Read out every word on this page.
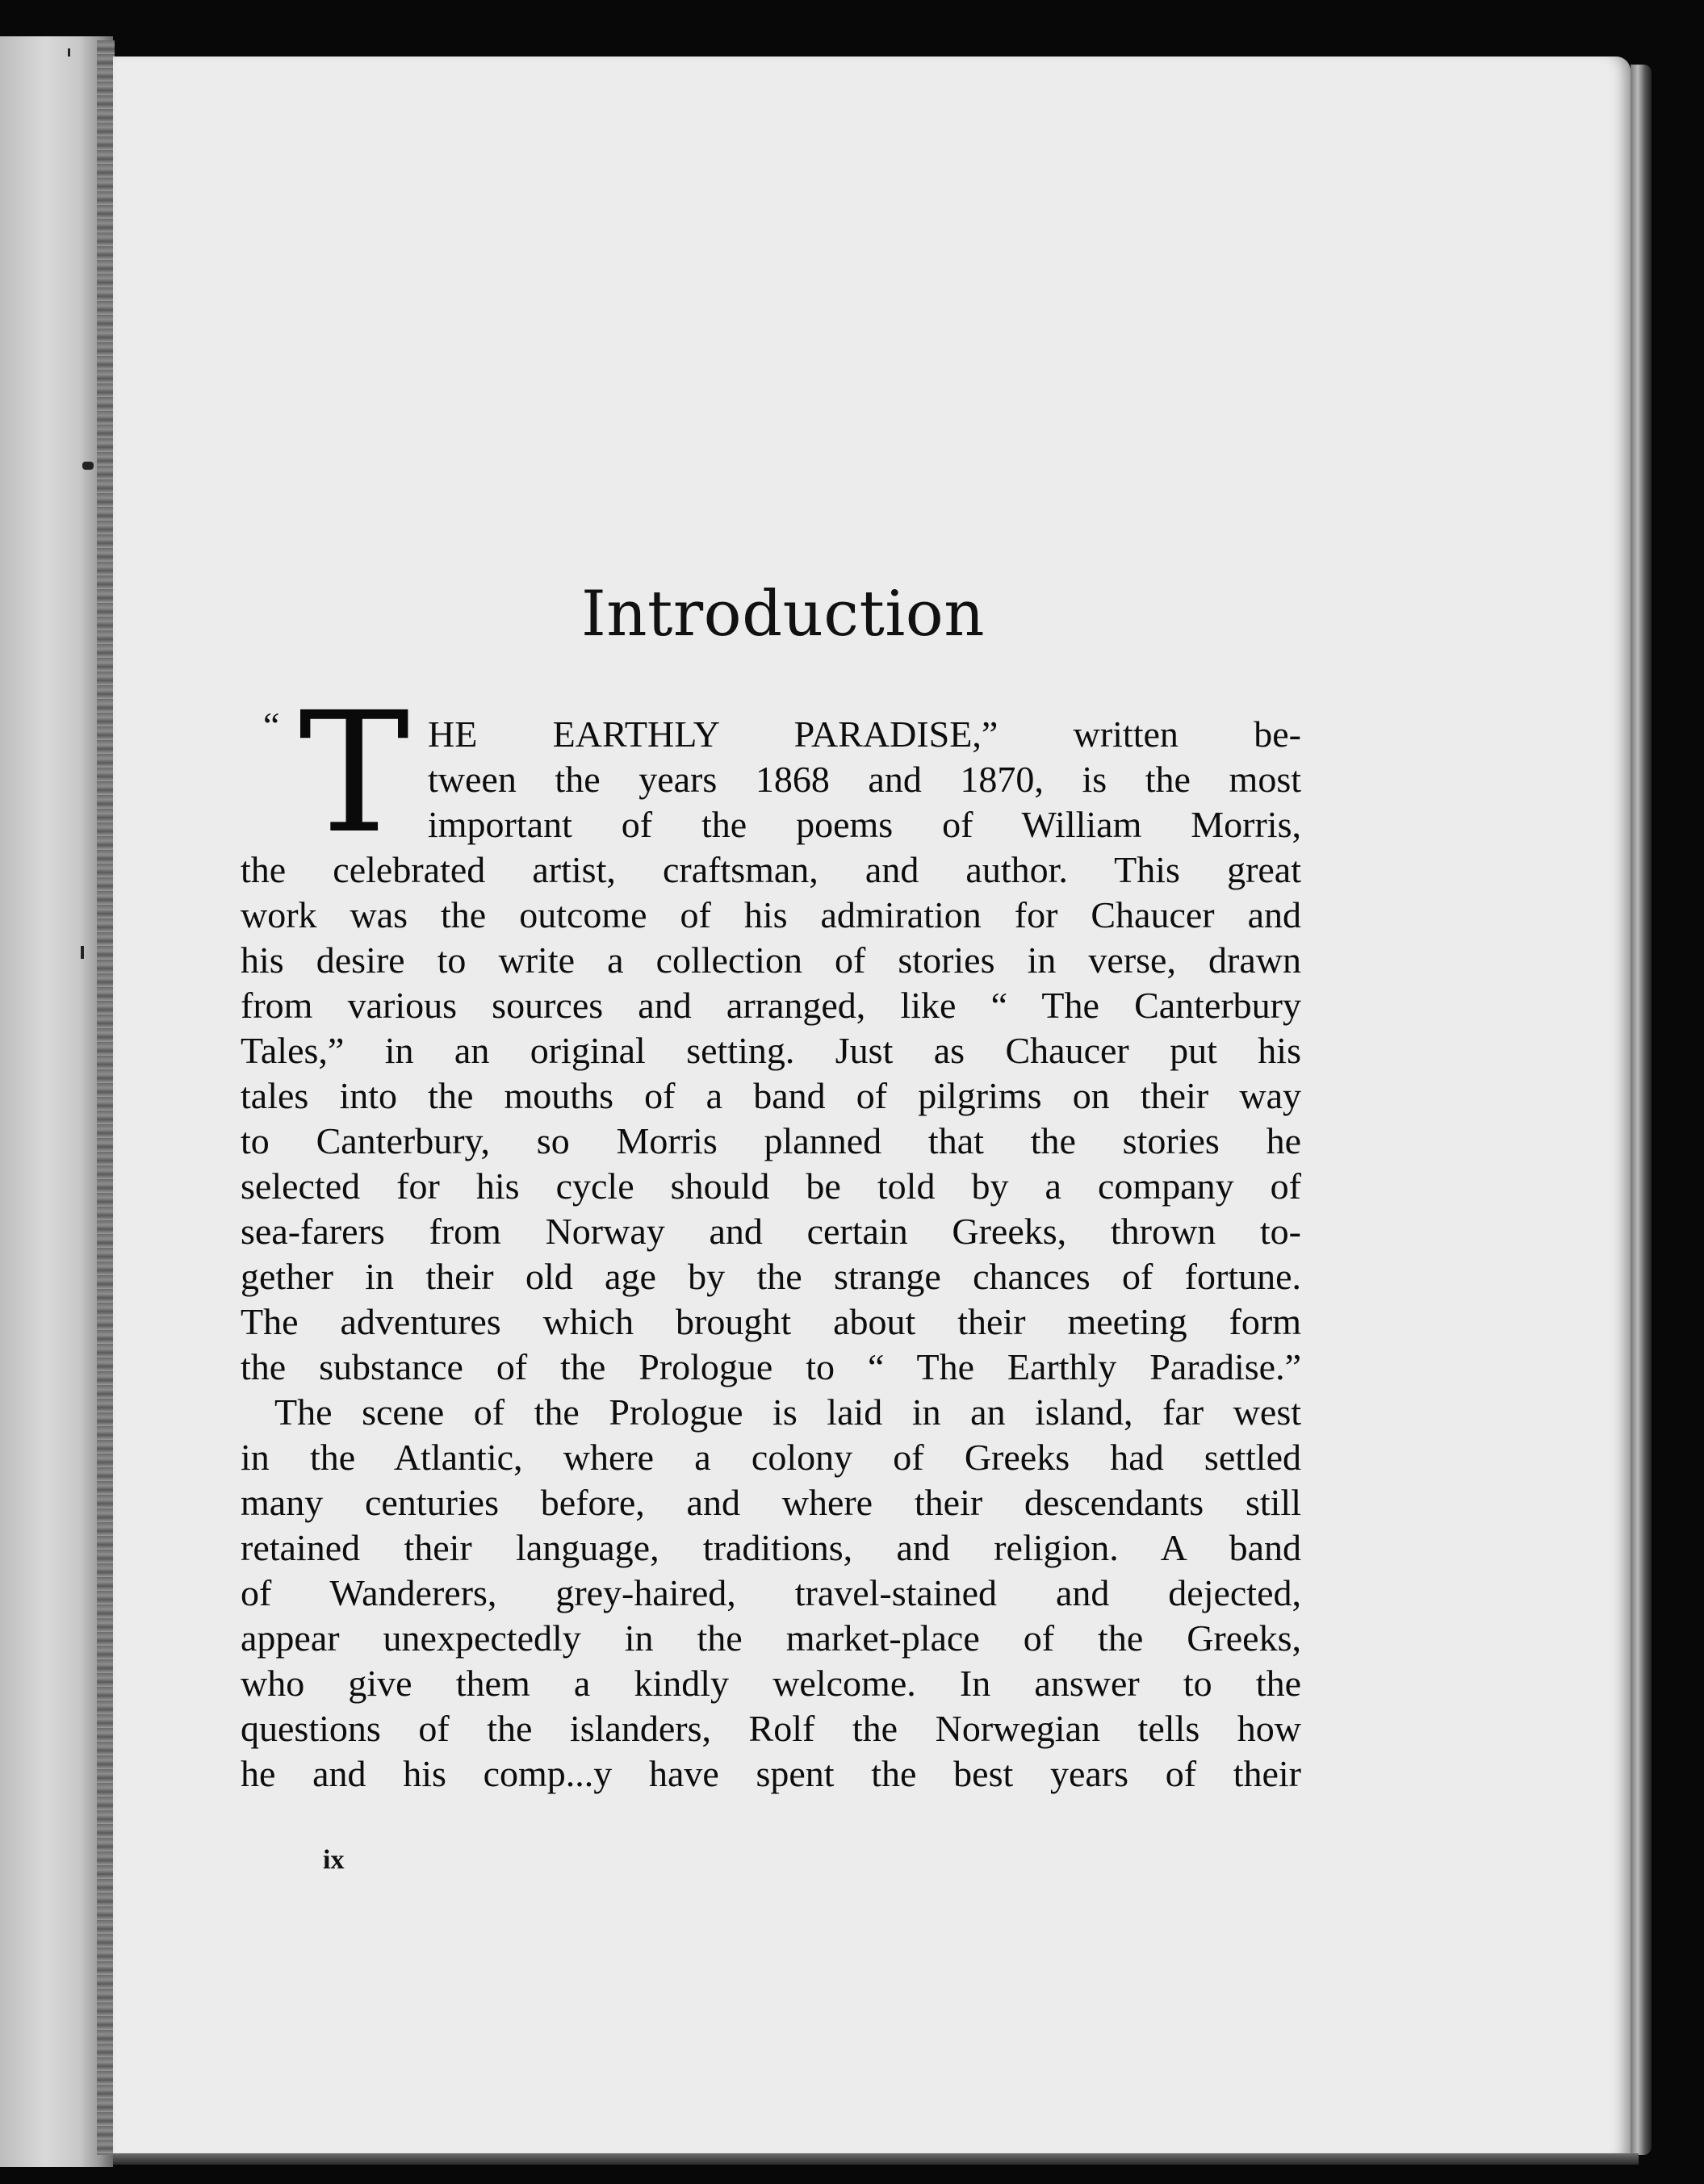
Introduction
“ T HE EARTHLY PARADISE,” written be-
tween the years 1868 and 1870, is the most
important of the poems of William Morris,
the celebrated artist, craftsman, and author. This great
work was the outcome of his admiration for Chaucer and
his desire to write a collection of stories in verse, drawn
from various sources and arranged, like “ The Canterbury
Tales,” in an original setting. Just as Chaucer put his
tales into the mouths of a band of pilgrims on their way
to Canterbury, so Morris planned that the stories he
selected for his cycle should be told by a company of
sea-farers from Norway and certain Greeks, thrown to-
gether in their old age by the strange chances of fortune.
The adventures which brought about their meeting form
the substance of the Prologue to “ The Earthly Paradise.”
The scene of the Prologue is laid in an island, far west
in the Atlantic, where a colony of Greeks had settled
many centuries before, and where their descendants still
retained their language, traditions, and religion. A band
of Wanderers, grey-haired, travel-stained and dejected,
appear unexpectedly in the market-place of the Greeks,
who give them a kindly welcome. In answer to the
questions of the islanders, Rolf the Norwegian tells how
he and his comp...y have spent the best years of their
ix
